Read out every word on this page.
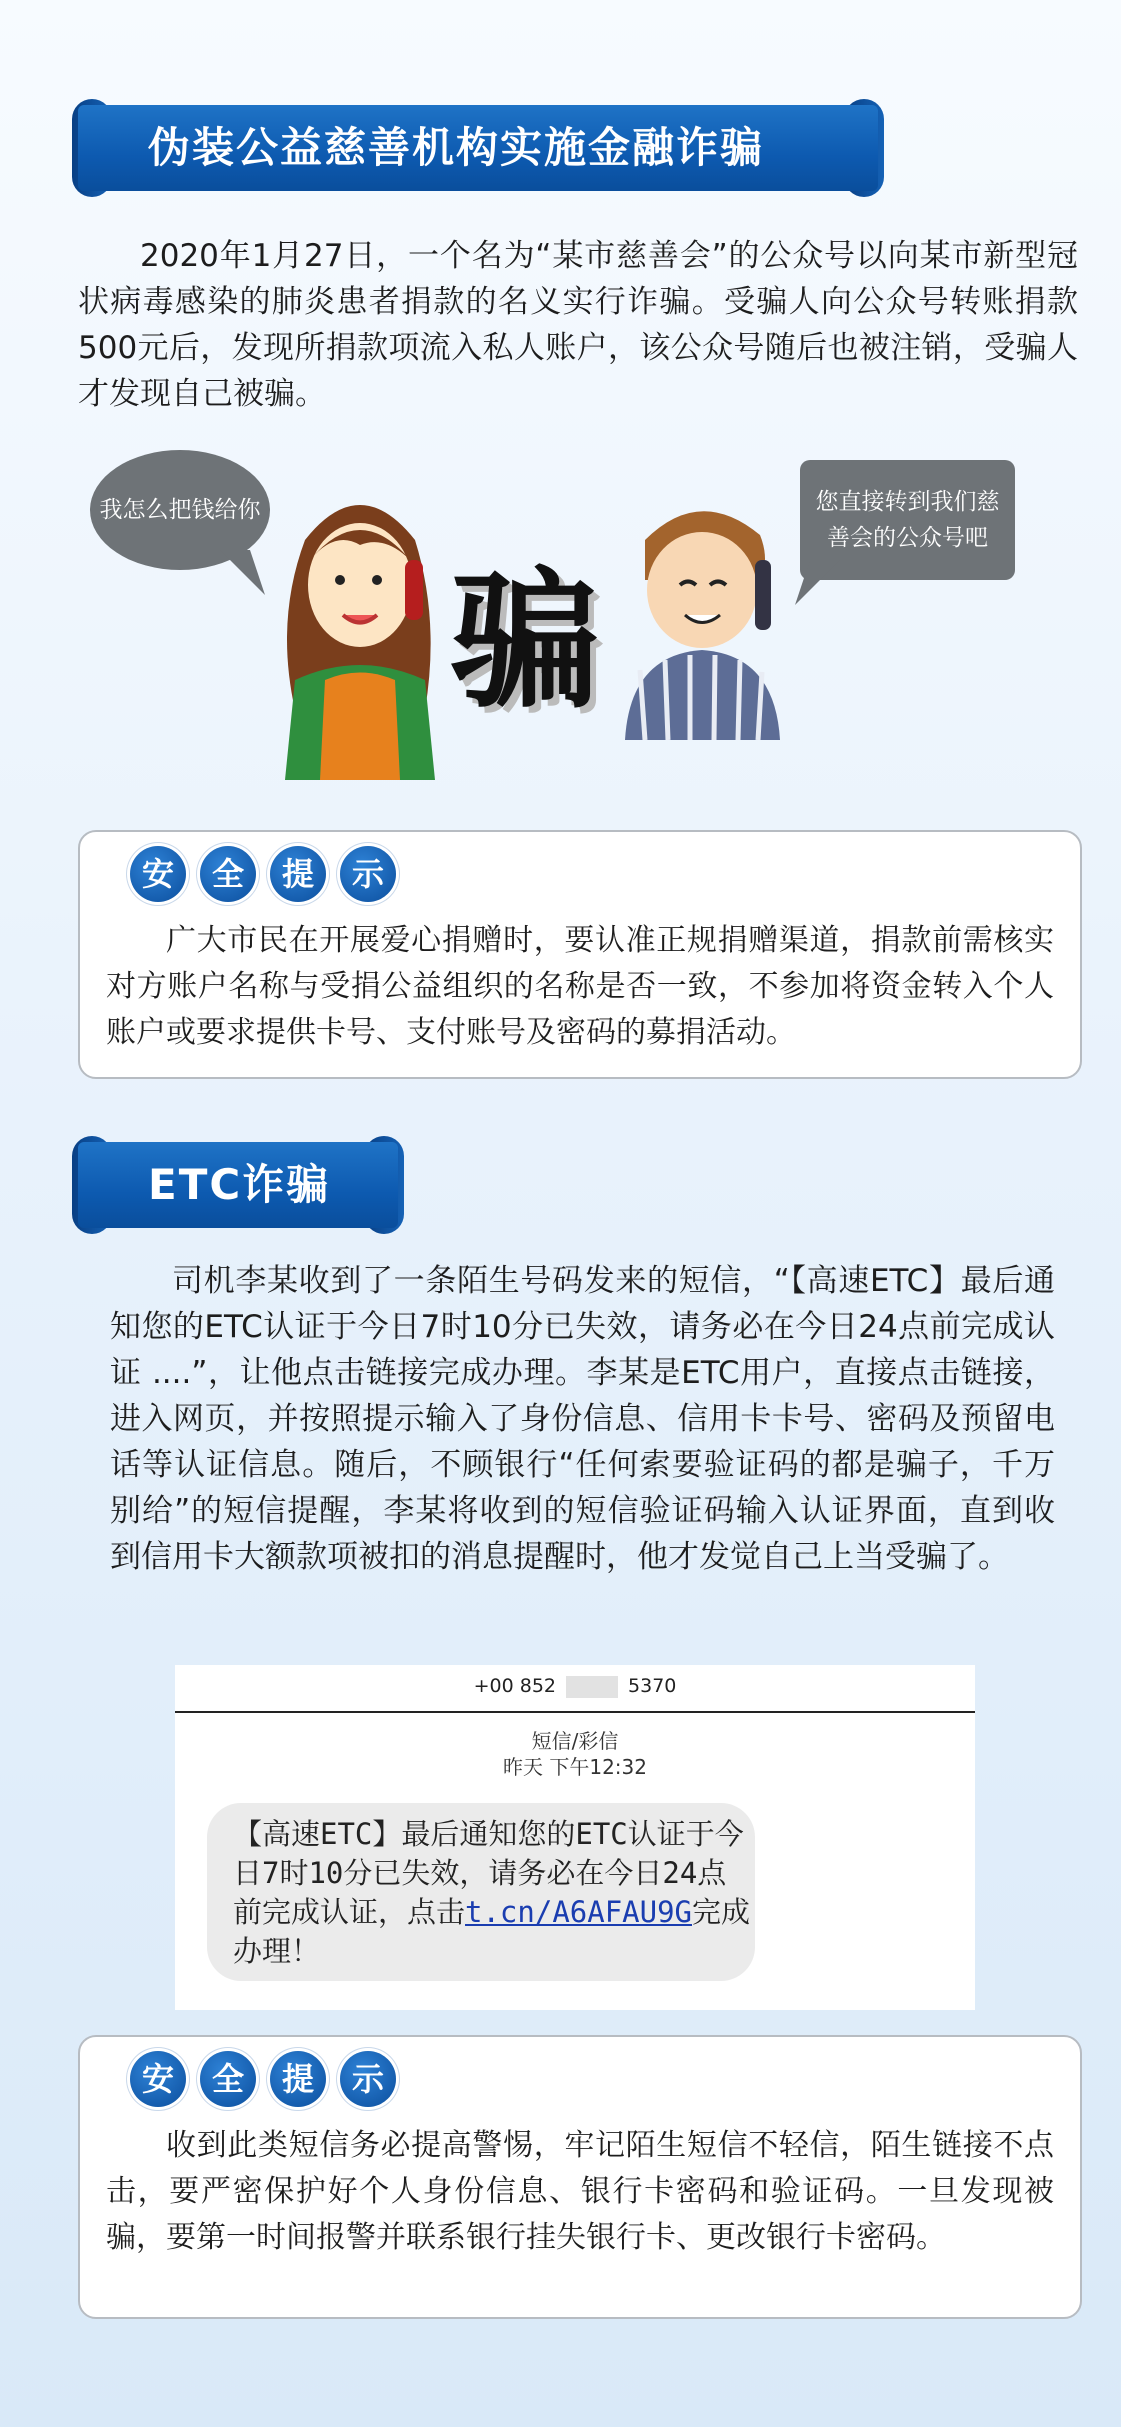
伪装公益慈善机构实施金融诈骗
2020年1月27日，一个名为“某市慈善会”的公众号以向某市新型冠状病毒感染的肺炎患者捐款的名义实行诈骗。受骗人向公众号转账捐款500元后，发现所捐款项流入私人账户，该公众号随后也被注销，受骗人才发现自己被骗。
我怎么把钱给你
骗
您直接转到我们慈善会的公众号吧
安	全	提	示
广大市民在开展爱心捐赠时，要认准正规捐赠渠道，捐款前需核实对方账户名称与受捐公益组织的名称是否一致，不参加将资金转入个人账户或要求提供卡号、支付账号及密码的募捐活动。
ETC诈骗
司机李某收到了一条陌生号码发来的短信，“【高速ETC】最后通知您的ETC认证于今日7时10分已失效，请务必在今日24点前完成认证 ....”，让他点击链接完成办理。李某是ETC用户，直接点击链接，进入网页，并按照提示输入了身份信息、信用卡卡号、密码及预留电话等认证信息。随后，不顾银行“任何索要验证码的都是骗子，千万别给”的短信提醒，李某将收到的短信验证码输入认证界面，直到收到信用卡大额款项被扣的消息提醒时，他才发觉自己上当受骗了。
+00 852	5370
短信/彩信
昨天 下午12:32
【高速ETC】最后通知您的ETC认证于今日7时10分已失效，请务必在今日24点前完成认证，点击t.cn/A6AFAU9G完成办理！
安	全	提	示
收到此类短信务必提高警惕，牢记陌生短信不轻信，陌生链接不点击，要严密保护好个人身份信息、银行卡密码和验证码。一旦发现被骗，要第一时间报警并联系银行挂失银行卡、更改银行卡密码。
